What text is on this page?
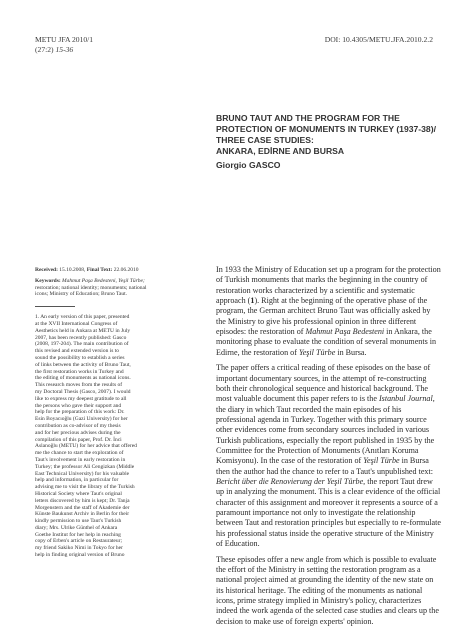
METU JFA 2010/1
(27:2) 15-36
DOI: 10.4305/METU.JFA.2010.2.2
BRUNO TAUT AND THE PROGRAM FOR THE
PROTECTION OF MONUMENTS IN TURKEY (1937-38)/
THREE CASE STUDIES:
ANKARA, EDİRNE AND BURSA
Giorgio GASCO
Received: 15.10.2008, Final Text: 22.06.2010
Keywords: Mahmut Paşa Bedesteni, Yeşil Türbe; restoration; national identity; monuments; national icons; Ministry of Education; Bruno Taut.
1. An early version of this paper, presented
at the XVII International Congress of
Aesthetics held in Ankara at METU in July
2007, has been recently published: Gasco
(2008, 197-204). The main contribution of
this revised and extended version is to
sound the possibility to establish a series
of links between the activity of Bruno Taut,
the first restoration works in Turkey and
the editing of monuments as national icons.
This research moves from the results of
my Doctoral Thesis (Gasco, 2007). I would
like to express my deepest gratitude to all
the persons who gave their support and
help for the preparation of this work: Dr.
Esin Boyacıoğlu (Gazi University) for her
contribution as co-advisor of my thesis
and for her precious advises during the
compilation of this paper, Prof. Dr. İnci
Aslanoğlu (METU) for her advice that offered
me the chance to start the exploration of
Taut's involvement in early restoration in
Turkey; the professor Ali Cengizkan (Middle
East Technical University) for his valuable
help and information, in particular for
advising me to visit the library of the Turkish
Historical Society where Taut's original
letters discovered by him is kept; Dr. Tanja
Morgenstern and the staff of Akademie der
Künste Baukunst Archiv in Berlin for their
kindly permission to use Taut's Turkish
diary; Mrs. Ulrike Günthel of Ankara
Goethe Institut for her help in reaching
copy of Erben's article on Restaurateur;
my friend Sakiko Nimi in Tokyo for her
help in finding original version of Bruno

In 1933 the Ministry of Education set up a program for the protection of Turkish monuments that marks the beginning in the country of restoration works characterized by a scientific and systematic approach (1). Right at the beginning of the operative phase of the program, the German architect Bruno Taut was officially asked by the Ministry to give his professional opinion in three different episodes: the restoration of Mahmut Paşa Bedesteni in Ankara, the monitoring phase to evaluate the condition of several monuments in Edirne, the restoration of Yeşil Türbe in Bursa.

The paper offers a critical reading of these episodes on the base of important documentary sources, in the attempt of re-constructing both their chronological sequence and historical background. The most valuable document this paper refers to is the Istanbul Journal, the diary in which Taut recorded the main episodes of his professional agenda in Turkey. Together with this primary source other evidences come from secondary sources included in various Turkish publications, especially the report published in 1935 by the Committee for the Protection of Monuments (Anıtları Koruma Komisyonu). In the case of the restoration of Yeşil Türbe in Bursa then the author had the chance to refer to a Taut's unpublished text: Bericht über die Renovierung der Yeşil Türbe, the report Taut drew up in analyzing the monument. This is a clear evidence of the official character of this assignment and moreover it represents a source of a paramount importance not only to investigate the relationship between Taut and restoration principles but especially to re-formulate his professional status inside the operative structure of the Ministry of Education.

These episodes offer a new angle from which is possible to evaluate the effort of the Ministry in setting the restoration program as a national project aimed at grounding the identity of the new state on its historical heritage. The editing of the monuments as national icons, prime strategy implied in Ministry's policy, characterizes indeed the work agenda of the selected case studies and clears up the decision to make use of foreign experts' opinion.
